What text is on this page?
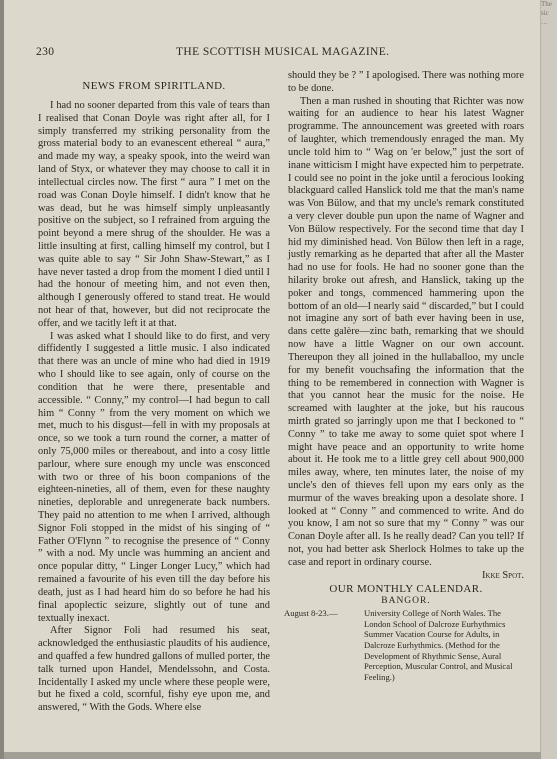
The
sic
…
230	THE SCOTTISH MUSICAL MAGAZINE.

NEWS FROM SPIRITLAND.

I had no sooner departed from this vale of tears than I realised that Conan Doyle was right after all, for I simply transferred my striking personality from the gross material body to an evanescent ethereal “ aura,” and made my way, a speaky spook, into the weird wan land of Styx, or whatever they may choose to call it in intellectual circles now. The first “ aura ” I met on the road was Conan Doyle himself. I didn't know that he was dead, but he was himself simply unpleasantly positive on the subject, so I refrained from arguing the point beyond a mere shrug of the shoulder. He was a little insulting at first, calling himself my control, but I was quite able to say “ Sir John Shaw-Stewart,” as I have never tasted a drop from the moment I died until I had the honour of meeting him, and not even then, although I generously offered to stand treat. He would not hear of that, however, but did not reciprocate the offer, and we tacitly left it at that.

I was asked what I should like to do first, and very diffidently I suggested a little music. I also indicated that there was an uncle of mine who had died in 1919 who I should like to see again, only of course on the condition that he were there, presentable and accessible. “ Conny,” my control—I had begun to call him “ Conny ” from the very moment on which we met, much to his disgust—fell in with my proposals at once, so we took a turn round the corner, a matter of only 75,000 miles or thereabout, and into a cosy little parlour, where sure enough my uncle was ensconced with two or three of his boon companions of the eighteen-nineties, all of them, even for these naughty nineties, deplorable and unregenerate back numbers. They paid no attention to me when I arrived, although Signor Foli stopped in the midst of his singing of “ Father O'Flynn ” to recognise the presence of “ Conny ” with a nod. My uncle was humming an ancient and once popular ditty, “ Linger Longer Lucy,” which had remained a favourite of his even till the day before his death, just as I had heard him do so before he had his final apoplectic seizure, slightly out of tune and textually inexact.

After Signor Foli had resumed his seat, acknowledged the enthusiastic plaudits of his audience, and quaffed a few hundred gallons of mulled porter, the talk turned upon Handel, Mendelssohn, and Costa. Incidentally I asked my uncle where these people were, but he fixed a cold, scornful, fishy eye upon me, and answered, “ With the Gods. Where else

should they be ? ” I apologised. There was nothing more to be done.

Then a man rushed in shouting that Richter was now waiting for an audience to hear his latest Wagner programme. The announcement was greeted with roars of laughter, which tremendously enraged the man. My uncle told him to “ Wag on 'er below,” just the sort of inane witticism I might have expected him to perpetrate. I could see no point in the joke until a ferocious looking blackguard called Hanslick told me that the man's name was Von Bülow, and that my uncle's remark constituted a very clever double pun upon the name of Wagner and Von Bülow respectively. For the second time that day I hid my diminished head. Von Bülow then left in a rage, justly remarking as he departed that after all the Master had no use for fools. He had no sooner gone than the hilarity broke out afresh, and Hanslick, taking up the poker and tongs, commenced hammering upon the bottom of an old—I nearly said “ discarded,” but I could not imagine any sort of bath ever having been in use, dans cette galère—zinc bath, remarking that we should now have a little Wagner on our own account. Thereupon they all joined in the hullaballoo, my uncle for my benefit vouchsafing the information that the thing to be remembered in connection with Wagner is that you cannot hear the music for the noise. He screamed with laughter at the joke, but his raucous mirth grated so jarringly upon me that I beckoned to “ Conny ” to take me away to some quiet spot where I might have peace and an opportunity to write home about it. He took me to a little grey cell about 900,000 miles away, where, ten minutes later, the noise of my uncle's den of thieves fell upon my ears only as the murmur of the waves breaking upon a desolate shore. I looked at “ Conny ” and commenced to write. And do you know, I am not so sure that my “ Conny ” was our Conan Doyle after all. Is he really dead? Can you tell? If not, you had better ask Sherlock Holmes to take up the case and report in ordinary course.

Ikke Spot.

OUR MONTHLY CALENDAR.

BANGOR.

August 8-23.—	University College of North Wales. The London School of Dalcroze Eurhythmics Summer Vacation Course for Adults, in Dalcroze Eurhythmics. (Method for the Development of Rhythmic Sense, Aural Perception, Muscular Control, and Musical Feeling.)
